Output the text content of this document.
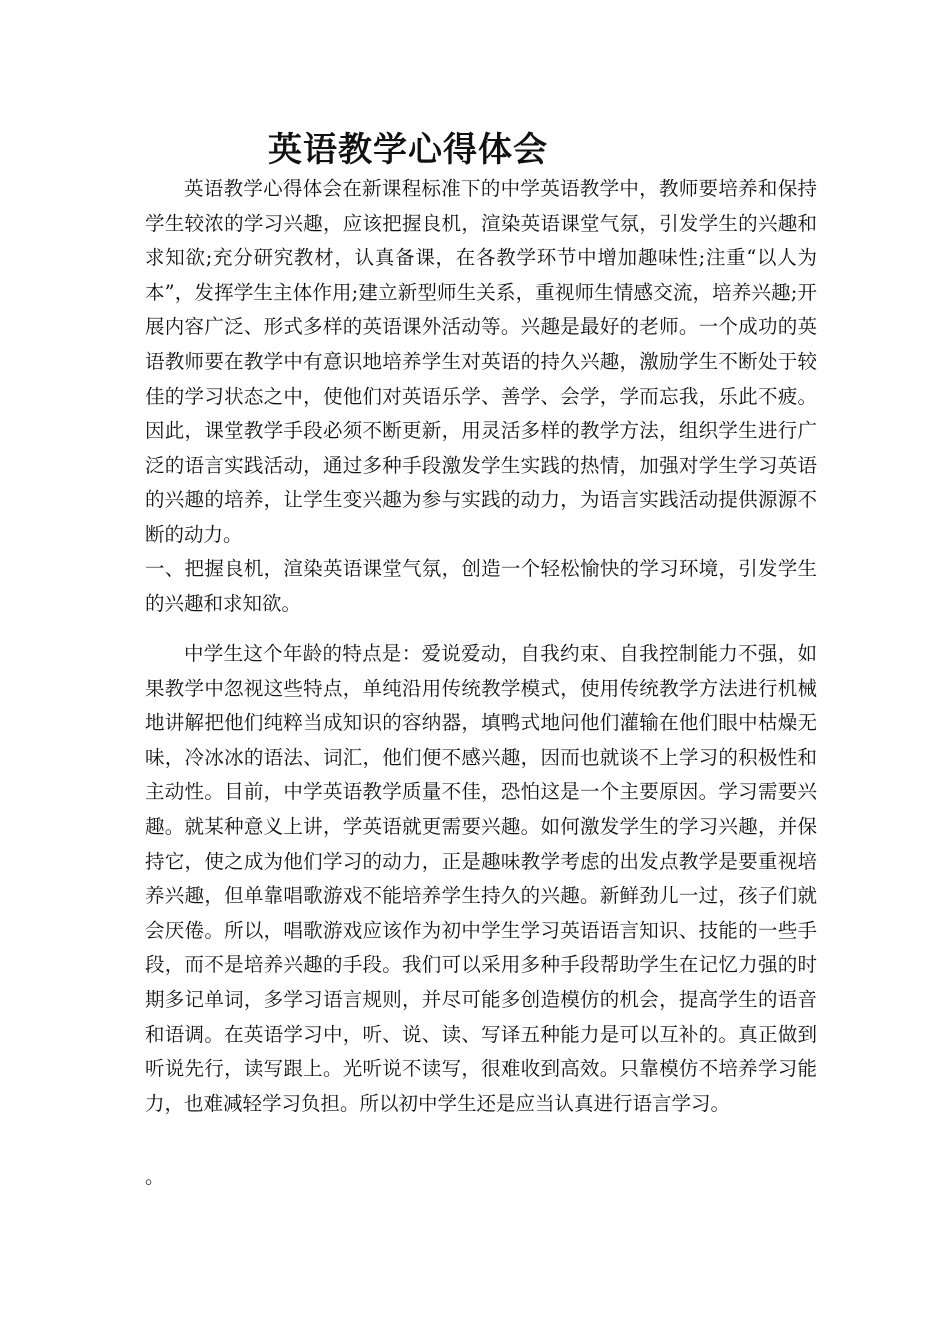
英语教学心得体会

英语教学心得体会在新课程标准下的中学英语教学中，教师要培养和保持学生较浓的学习兴趣，应该把握良机，渲染英语课堂气氛，引发学生的兴趣和求知欲;充分研究教材，认真备课，在各教学环节中增加趣味性;注重“以人为本”，发挥学生主体作用;建立新型师生关系，重视师生情感交流，培养兴趣;开展内容广泛、形式多样的英语课外活动等。兴趣是最好的老师。一个成功的英语教师要在教学中有意识地培养学生对英语的持久兴趣，激励学生不断处于较佳的学习状态之中，使他们对英语乐学、善学、会学，学而忘我，乐此不疲。因此，课堂教学手段必须不断更新，用灵活多样的教学方法，组织学生进行广泛的语言实践活动，通过多种手段激发学生实践的热情，加强对学生学习英语的兴趣的培养，让学生变兴趣为参与实践的动力，为语言实践活动提供源源不断的动力。

一、把握良机，渲染英语课堂气氛，创造一个轻松愉快的学习环境，引发学生的兴趣和求知欲。

中学生这个年龄的特点是：爱说爱动，自我约束、自我控制能力不强，如果教学中忽视这些特点，单纯沿用传统教学模式，使用传统教学方法进行机械地讲解把他们纯粹当成知识的容纳器，填鸭式地问他们灌输在他们眼中枯燥无味，冷冰冰的语法、词汇，他们便不感兴趣，因而也就谈不上学习的积极性和主动性。目前，中学英语教学质量不佳，恐怕这是一个主要原因。学习需要兴趣。就某种意义上讲，学英语就更需要兴趣。如何激发学生的学习兴趣，并保持它，使之成为他们学习的动力，正是趣味教学考虑的出发点教学是要重视培养兴趣，但单靠唱歌游戏不能培养学生持久的兴趣。新鲜劲儿一过，孩子们就会厌倦。所以，唱歌游戏应该作为初中学生学习英语语言知识、技能的一些手段，而不是培养兴趣的手段。我们可以采用多种手段帮助学生在记忆力强的时期多记单词，多学习语言规则，并尽可能多创造模仿的机会，提高学生的语音和语调。在英语学习中，听、说、读、写译五种能力是可以互补的。真正做到听说先行，读写跟上。光听说不读写，很难收到高效。只靠模仿不培养学习能力，也难减轻学习负担。所以初中学生还是应当认真进行语言学习。

。
